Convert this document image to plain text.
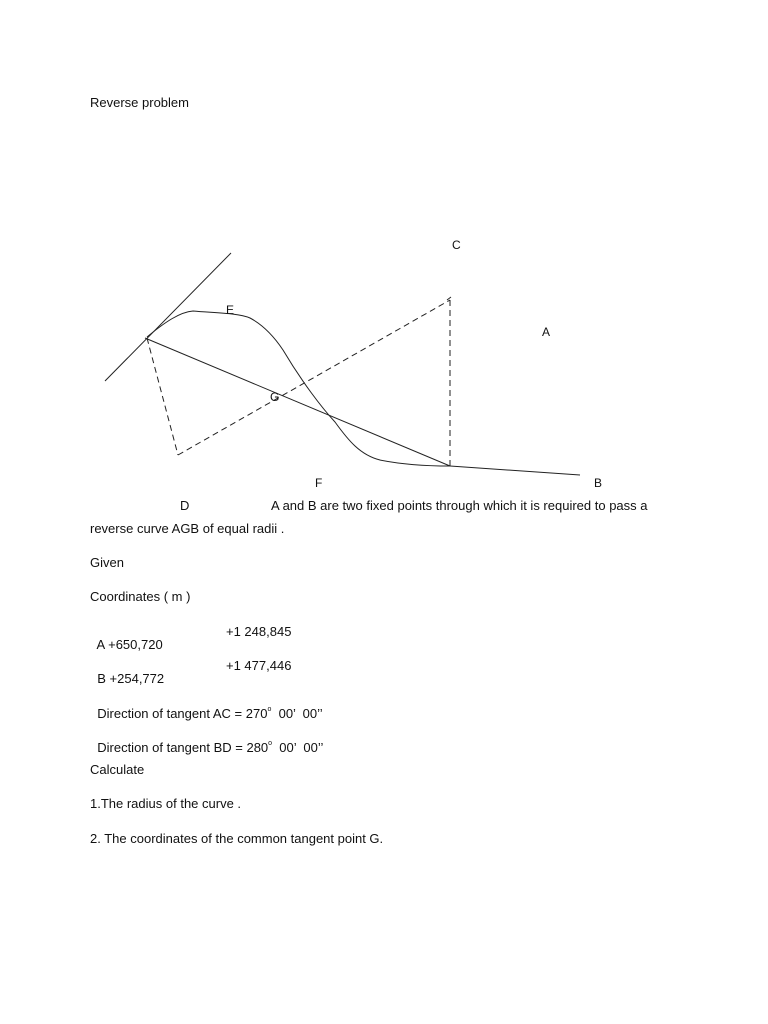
Reverse problem
C
A
E
G
F	B
D	A and B are two fixed points through which it is required to pass a
reverse curve AGB of equal radii .
Given
Coordinates ( m )

A +650,720

+1 248,845

B +254,772

+1 477,446

Direction of tangent AC = $270^o$  00’  00’’

Direction of tangent BD = $280^o$  00’  00’’

Calculate
1.The radius of the curve .
2. The coordinates of the common tangent point G.
